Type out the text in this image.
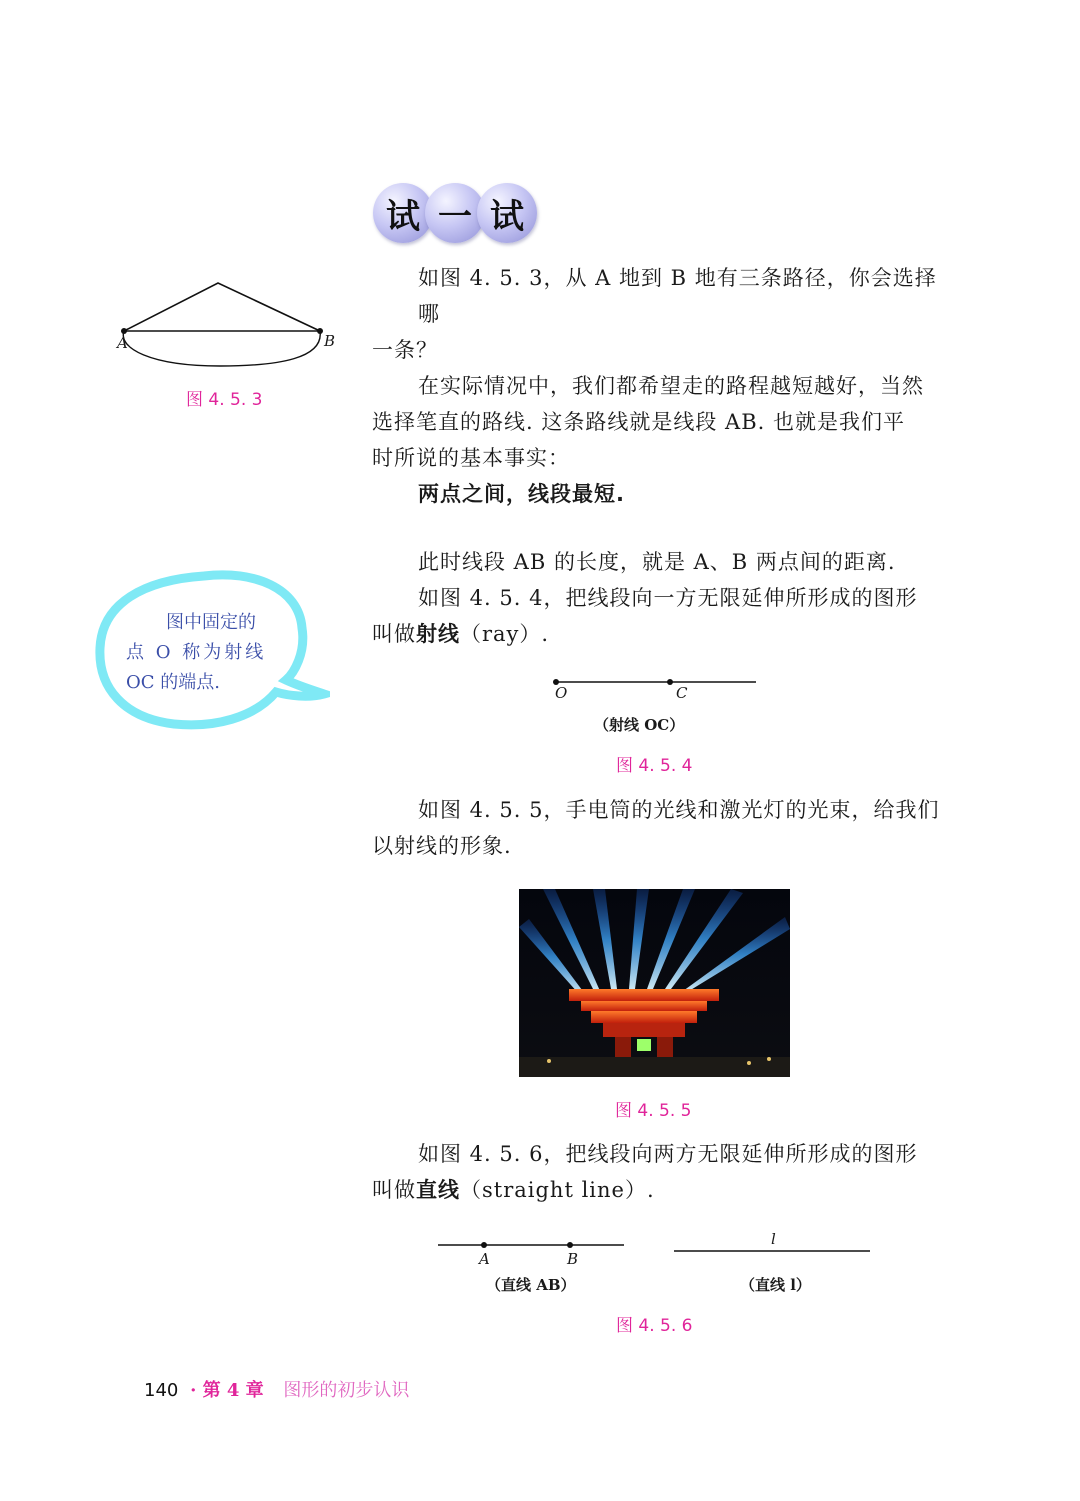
试 一 试
A	B
图 4. 5. 3
如图 4. 5. 3，从 A 地到 B 地有三条路径，你会选择哪
一条？
在实际情况中，我们都希望走的路程越短越好，当然
选择笔直的路线. 这条路线就是线段 AB. 也就是我们平
时所说的基本事实：
两点之间，线段最短.
此时线段 AB 的长度，就是 A、B 两点间的距离.
如图 4. 5. 4，把线段向一方无限延伸所形成的图形
叫做射线（ray）.
图中固定的
点 O 称为射线
OC 的端点.	O	C
（射线 OC）
图 4. 5. 4
如图 4. 5. 5，手电筒的光线和激光灯的光束，给我们
以射线的形象.
图 4. 5. 5
如图 4. 5. 6，把线段向两方无限延伸所形成的图形
叫做直线（straight line）.
A	B
（直线 AB）
l
（直线 l）
图 4. 5. 6
140 · 第 4 章 图形的初步认识
